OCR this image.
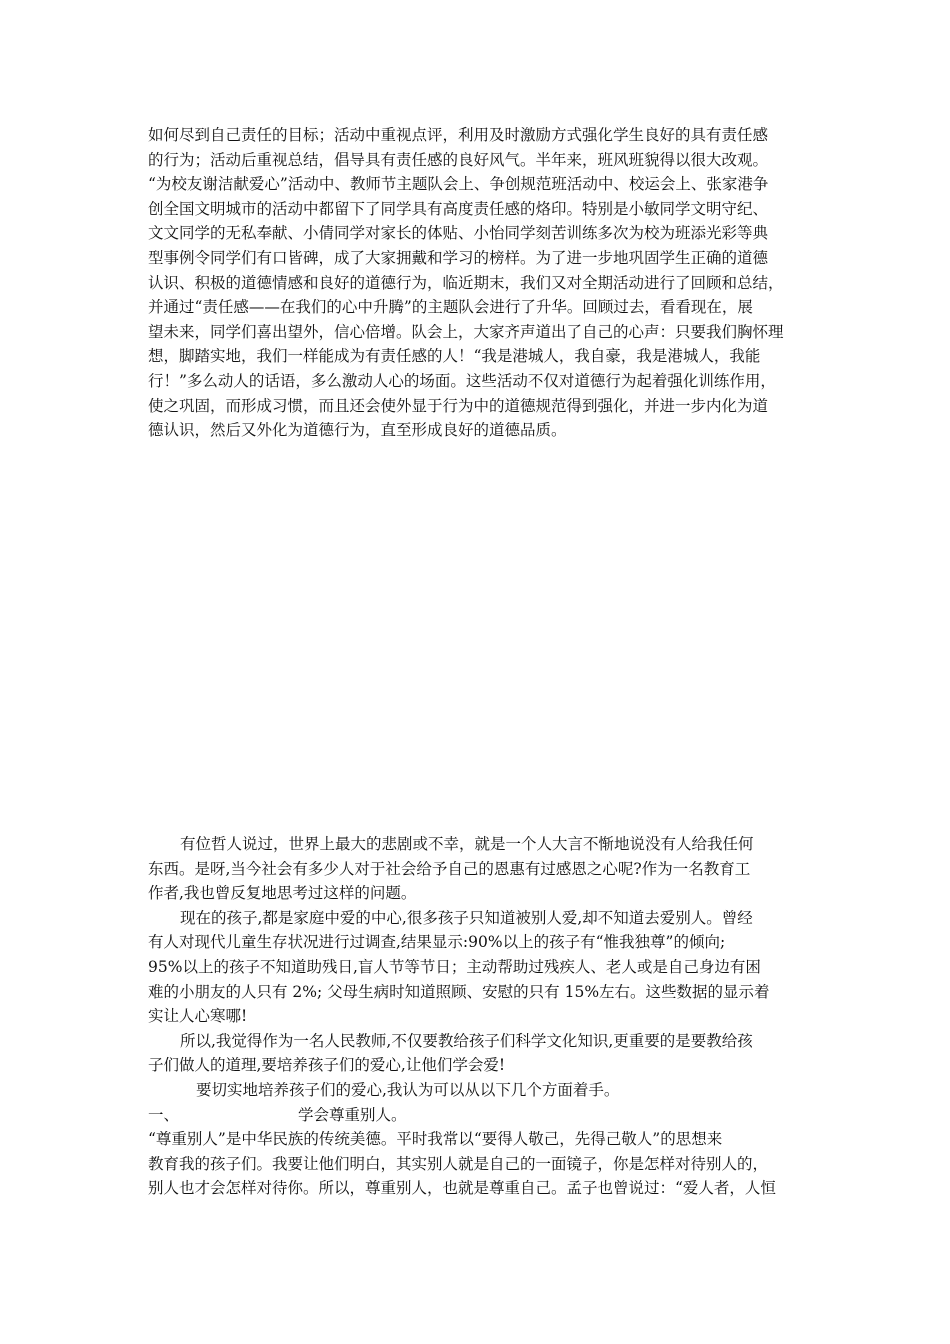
如何尽到自己责任的目标；活动中重视点评，利用及时激励方式强化学生良好的具有责任感
的行为；活动后重视总结，倡导具有责任感的良好风气。半年来，班风班貌得以很大改观。
“为校友谢洁献爱心”活动中、教师节主题队会上、争创规范班活动中、校运会上、张家港争
创全国文明城市的活动中都留下了同学具有高度责任感的烙印。特别是小敏同学文明守纪、
文文同学的无私奉献、小倩同学对家长的体贴、小怡同学刻苦训练多次为校为班添光彩等典
型事例令同学们有口皆碑，成了大家拥戴和学习的榜样。为了进一步地巩固学生正确的道德
认识、积极的道德情感和良好的道德行为，临近期末，我们又对全期活动进行了回顾和总结，
并通过“责任感——在我们的心中升腾”的主题队会进行了升华。回顾过去，看看现在，展
望未来，同学们喜出望外，信心倍增。队会上，大家齐声道出了自己的心声：只要我们胸怀理
想，脚踏实地，我们一样能成为有责任感的人！“我是港城人，我自豪，我是港城人，我能
行！”多么动人的话语，多么激动人心的场面。这些活动不仅对道德行为起着强化训练作用，
使之巩固，而形成习惯，而且还会使外显于行为中的道德规范得到强化，并进一步内化为道
德认识，然后又外化为道德行为，直至形成良好的道德品质。
有位哲人说过，世界上最大的悲剧或不幸，就是一个人大言不惭地说没有人给我任何
东西。是呀,当今社会有多少人对于社会给予自己的恩惠有过感恩之心呢?作为一名教育工
作者,我也曾反复地思考过这样的问题。
现在的孩子,都是家庭中爱的中心,很多孩子只知道被别人爱,却不知道去爱别人。曾经
有人对现代儿童生存状况进行过调查,结果显示:90%以上的孩子有“惟我独尊”的倾向;
95%以上的孩子不知道助残日,盲人节等节日；主动帮助过残疾人、老人或是自己身边有困
难的小朋友的人只有 2%; 父母生病时知道照顾、安慰的只有 15%左右。这些数据的显示着
实让人心寒哪!
所以,我觉得作为一名人民教师,不仅要教给孩子们科学文化知识,更重要的是要教给孩
子们做人的道理,要培养孩子们的爱心,让他们学会爱!
要切实地培养孩子们的爱心,我认为可以从以下几个方面着手。
一、	学会尊重别人。
“尊重别人”是中华民族的传统美德。平时我常以“要得人敬己，先得己敬人”的思想来
教育我的孩子们。我要让他们明白，其实别人就是自己的一面镜子，你是怎样对待别人的，
别人也才会怎样对待你。所以，尊重别人，也就是尊重自己。孟子也曾说过：“爱人者，人恒
